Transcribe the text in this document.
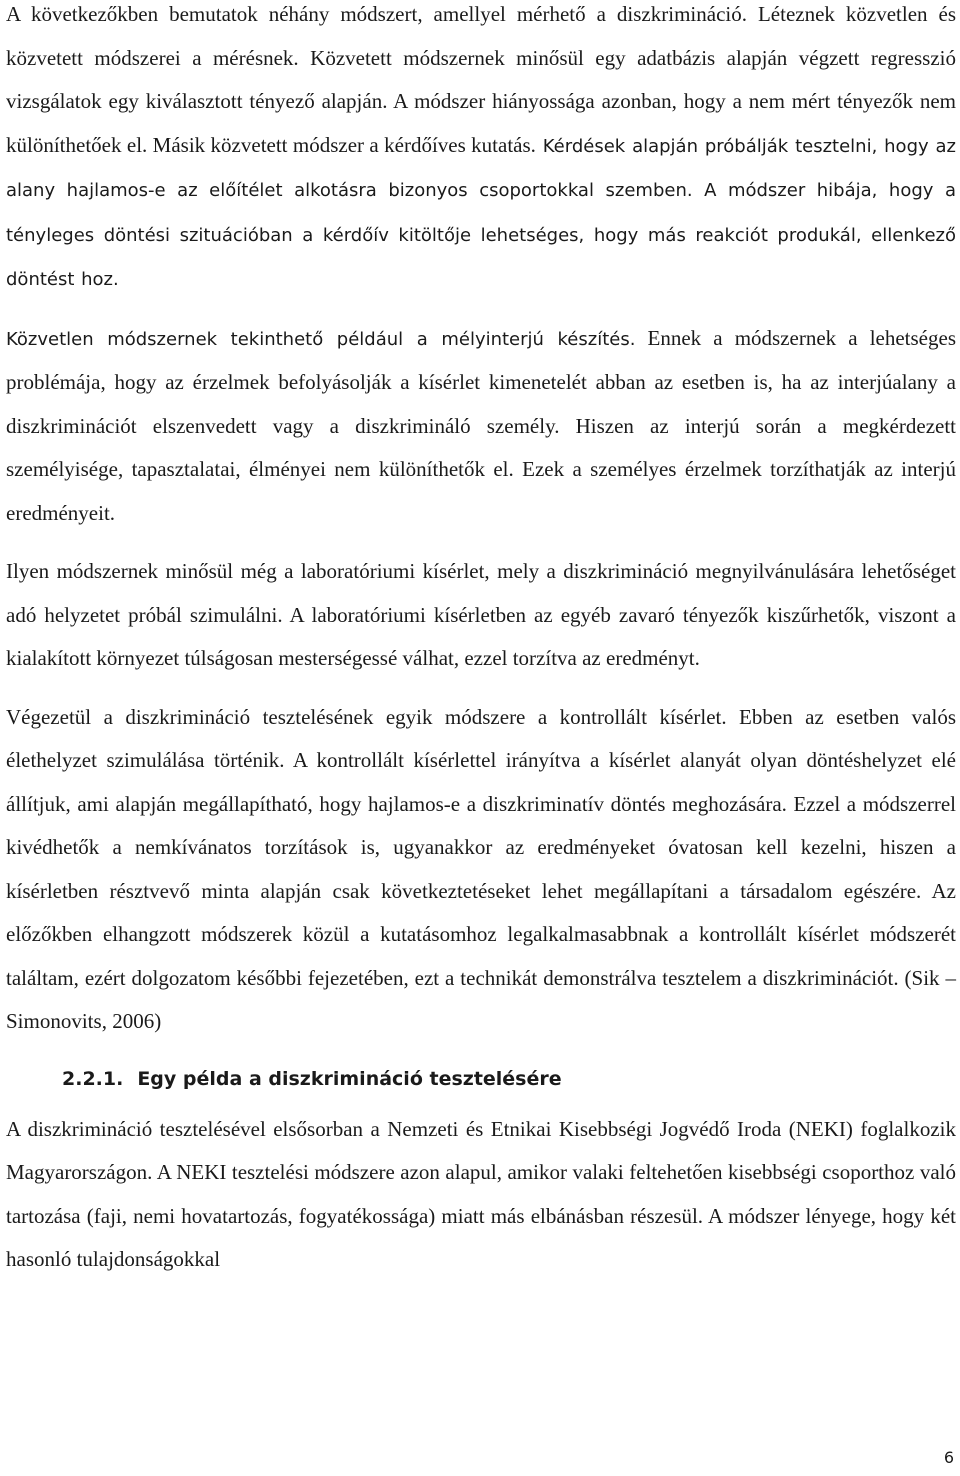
A következőkben bemutatok néhány módszert, amellyel mérhető a diszkrimináció. Léteznek közvetlen és közvetett módszerei a mérésnek. Közvetett módszernek minősül egy adatbázis alapján végzett regresszió vizsgálatok egy kiválasztott tényező alapján. A módszer hiányossága azonban, hogy a nem mért tényezők nem különíthetőek el. Másik közvetett módszer a kérdőíves kutatás. Kérdések alapján próbálják tesztelni, hogy az alany hajlamos-e az előítélet alkotásra bizonyos csoportokkal szemben. A módszer hibája, hogy a tényleges döntési szituációban a kérdőív kitöltője lehetséges, hogy más reakciót produkál, ellenkező döntést hoz.

Közvetlen módszernek tekinthető például a mélyinterjú készítés. Ennek a módszernek a lehetséges problémája, hogy az érzelmek befolyásolják a kísérlet kimenetelét abban az esetben is, ha az interjúalany a diszkriminációt elszenvedett vagy a diszkrimináló személy. Hiszen az interjú során a megkérdezett személyisége, tapasztalatai, élményei nem különíthetők el. Ezek a személyes érzelmek torzíthatják az interjú eredményeit.

Ilyen módszernek minősül még a laboratóriumi kísérlet, mely a diszkrimináció megnyilvánulására lehetőséget adó helyzetet próbál szimulálni. A laboratóriumi kísérletben az egyéb zavaró tényezők kiszűrhetők, viszont a kialakított környezet túlságosan mesterségessé válhat, ezzel torzítva az eredményt.

Végezetül a diszkrimináció tesztelésének egyik módszere a kontrollált kísérlet. Ebben az esetben valós élethelyzet szimulálása történik. A kontrollált kísérlettel irányítva a kísérlet alanyát olyan döntéshelyzet elé állítjuk, ami alapján megállapítható, hogy hajlamos-e a diszkriminatív döntés meghozására. Ezzel a módszerrel kivédhetők a nemkívánatos torzítások is, ugyanakkor az eredményeket óvatosan kell kezelni, hiszen a kísérletben résztvevő minta alapján csak következtetéseket lehet megállapítani a társadalom egészére. Az előzőkben elhangzott módszerek közül a kutatásomhoz legalkalmasabbnak a kontrollált kísérlet módszerét találtam, ezért dolgozatom későbbi fejezetében, ezt a technikát demonstrálva tesztelem a diszkriminációt. (Sik – Simonovits, 2006)

2.2.1. Egy példa a diszkrimináció tesztelésére

A diszkrimináció tesztelésével elsősorban a Nemzeti és Etnikai Kisebbségi Jogvédő Iroda (NEKI) foglalkozik Magyarországon. A NEKI tesztelési módszere azon alapul, amikor valaki feltehetően kisebbségi csoporthoz való tartozása (faji, nemi hovatartozás, fogyatékossága) miatt más elbánásban részesül. A módszer lényege, hogy két hasonló tulajdonságokkal

6
